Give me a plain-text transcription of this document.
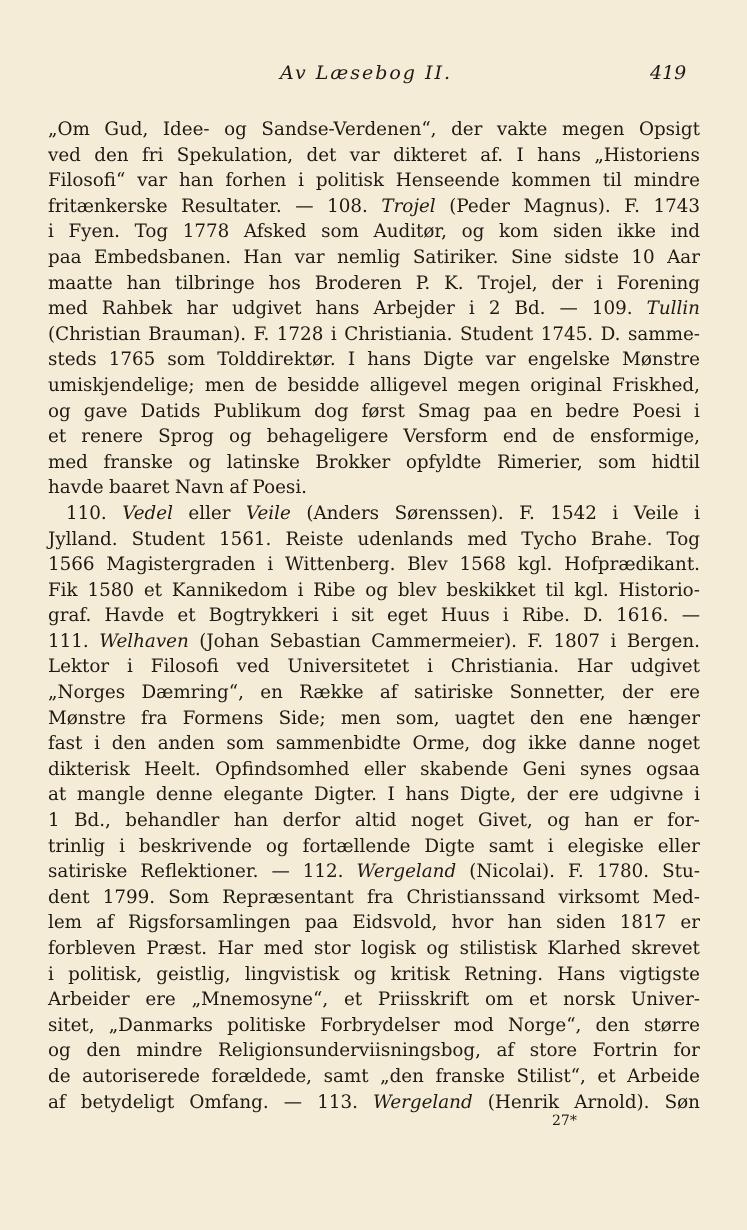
Av Læsebog II.	419
„Om Gud, Idee- og Sandse-Verdenen“, der vakte megen Opsigt
ved den fri Spekulation, det var dikteret af. I hans „Historiens
Filosofi“ var han forhen i politisk Henseende kommen til mindre
fritænkerske Resultater. — 108. Trojel (Peder Magnus). F. 1743
i Fyen. Tog 1778 Afsked som Auditør, og kom siden ikke ind
paa Embedsbanen. Han var nemlig Satiriker. Sine sidste 10 Aar
maatte han tilbringe hos Broderen P. K. Trojel, der i Forening
med Rahbek har udgivet hans Arbejder i 2 Bd. — 109. Tullin
(Christian Brauman). F. 1728 i Christiania. Student 1745. D. samme-
steds 1765 som Tolddirektør. I hans Digte var engelske Mønstre
umiskjendelige; men de besidde alligevel megen original Friskhed,
og gave Datids Publikum dog først Smag paa en bedre Poesi i
et renere Sprog og behageligere Versform end de ensformige,
med franske og latinske Brokker opfyldte Rimerier, som hidtil
havde baaret Navn af Poesi.
110. Vedel eller Veile (Anders Sørenssen). F. 1542 i Veile i
Jylland. Student 1561. Reiste udenlands med Tycho Brahe. Tog
1566 Magistergraden i Wittenberg. Blev 1568 kgl. Hofprædikant.
Fik 1580 et Kannikedom i Ribe og blev beskikket til kgl. Historio-
graf. Havde et Bogtrykkeri i sit eget Huus i Ribe. D. 1616. —
111. Welhaven (Johan Sebastian Cammermeier). F. 1807 i Bergen.
Lektor i Filosofi ved Universitetet i Christiania. Har udgivet
„Norges Dæmring“, en Række af satiriske Sonnetter, der ere
Mønstre fra Formens Side; men som, uagtet den ene hænger
fast i den anden som sammenbidte Orme, dog ikke danne noget
dikterisk Heelt. Opfindsomhed eller skabende Geni synes ogsaa
at mangle denne elegante Digter. I hans Digte, der ere udgivne i
1 Bd., behandler han derfor altid noget Givet, og han er for-
trinlig i beskrivende og fortællende Digte samt i elegiske eller
satiriske Reflektioner. — 112. Wergeland (Nicolai). F. 1780. Stu-
dent 1799. Som Repræsentant fra Christianssand virksomt Med-
lem af Rigsforsamlingen paa Eidsvold, hvor han siden 1817 er
forbleven Præst. Har med stor logisk og stilistisk Klarhed skrevet
i politisk, geistlig, lingvistisk og kritisk Retning. Hans vigtigste
Arbeider ere „Mnemosyne“, et Priisskrift om et norsk Univer-
sitet, „Danmarks politiske Forbrydelser mod Norge“, den større
og den mindre Religionsunderviisningsbog, af store Fortrin for
de autoriserede forældede, samt „den franske Stilist“, et Arbeide
af betydeligt Omfang. — 113. Wergeland (Henrik Arnold). Søn
27*
